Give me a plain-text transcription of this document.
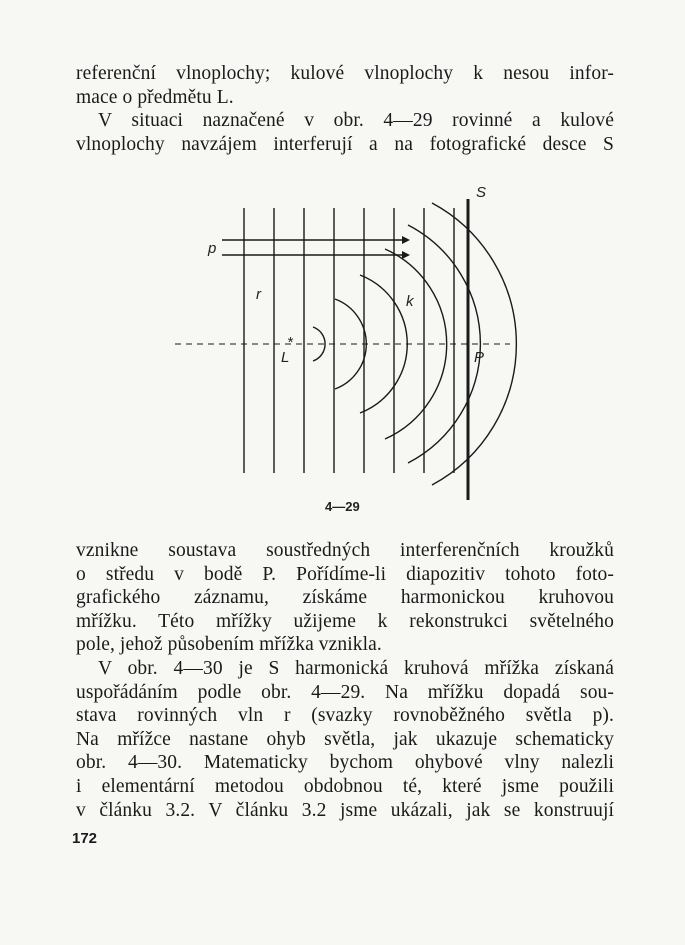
referenční vlnoplochy; kulové vlnoplochy k nesou infor-
mace o předmětu L.
V situaci naznačené v obr. 4—29 rovinné a kulové
vlnoplochy navzájem interferují a na fotografické desce S
S
p
r	k
*
L	P
4—29
vznikne soustava soustředných interferenčních kroužků
o středu v bodě P. Pořídíme-li diapozitiv tohoto foto-
grafického záznamu, získáme harmonickou kruhovou
mřížku. Této mřížky užijeme k rekonstrukci světelného
pole, jehož působením mřížka vznikla.
V obr. 4—30 je S harmonická kruhová mřížka získaná
uspořádáním podle obr. 4—29. Na mřížku dopadá sou-
stava rovinných vln r (svazky rovnoběžného světla p).
Na mřížce nastane ohyb světla, jak ukazuje schematicky
obr. 4—30. Matematicky bychom ohybové vlny nalezli
i elementární metodou obdobnou té, které jsme použili
v článku 3.2. V článku 3.2 jsme ukázali, jak se konstruují
172
